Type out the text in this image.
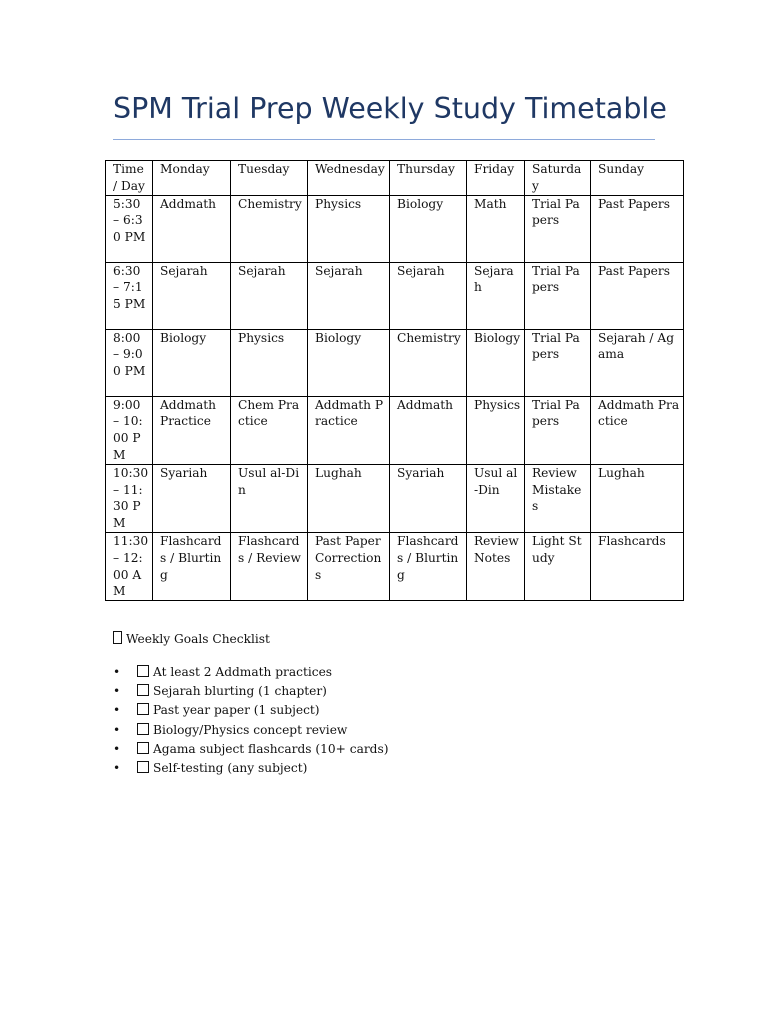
SPM Trial Prep Weekly Study Timetable
Time / Day	Monday	Tuesday	Wednesday	Thursday	Friday	Saturday	Sunday
5:30 – 6:30 PM	Addmath	Chemistry	Physics	Biology	Math	Trial Papers	Past Papers
6:30 – 7:15 PM	Sejarah	Sejarah	Sejarah	Sejarah	Sejarah	Trial Papers	Past Papers
8:00 – 9:00 PM	Biology	Physics	Biology	Chemistry	Biology	Trial Papers	Sejarah / Agama
9:00 – 10:00 PM	Addmath Practice	Chem Practice	Addmath Practice	Addmath	Physics	Trial Papers	Addmath Practice
10:30 – 11:30 PM	Syariah	Usul al-Din	Lughah	Syariah	Usul al-Din	Review Mistakes	Lughah
11:30 – 12:00 AM	Flashcards / Blurting	Flashcards / Review	Past Paper Corrections	Flashcards / Blurting	Review Notes	Light Study	Flashcards
Weekly Goals Checklist
•	At least 2 Addmath practices
•	Sejarah blurting (1 chapter)
•	Past year paper (1 subject)
•	Biology/Physics concept review
•	Agama subject flashcards (10+ cards)
•	Self-testing (any subject)
